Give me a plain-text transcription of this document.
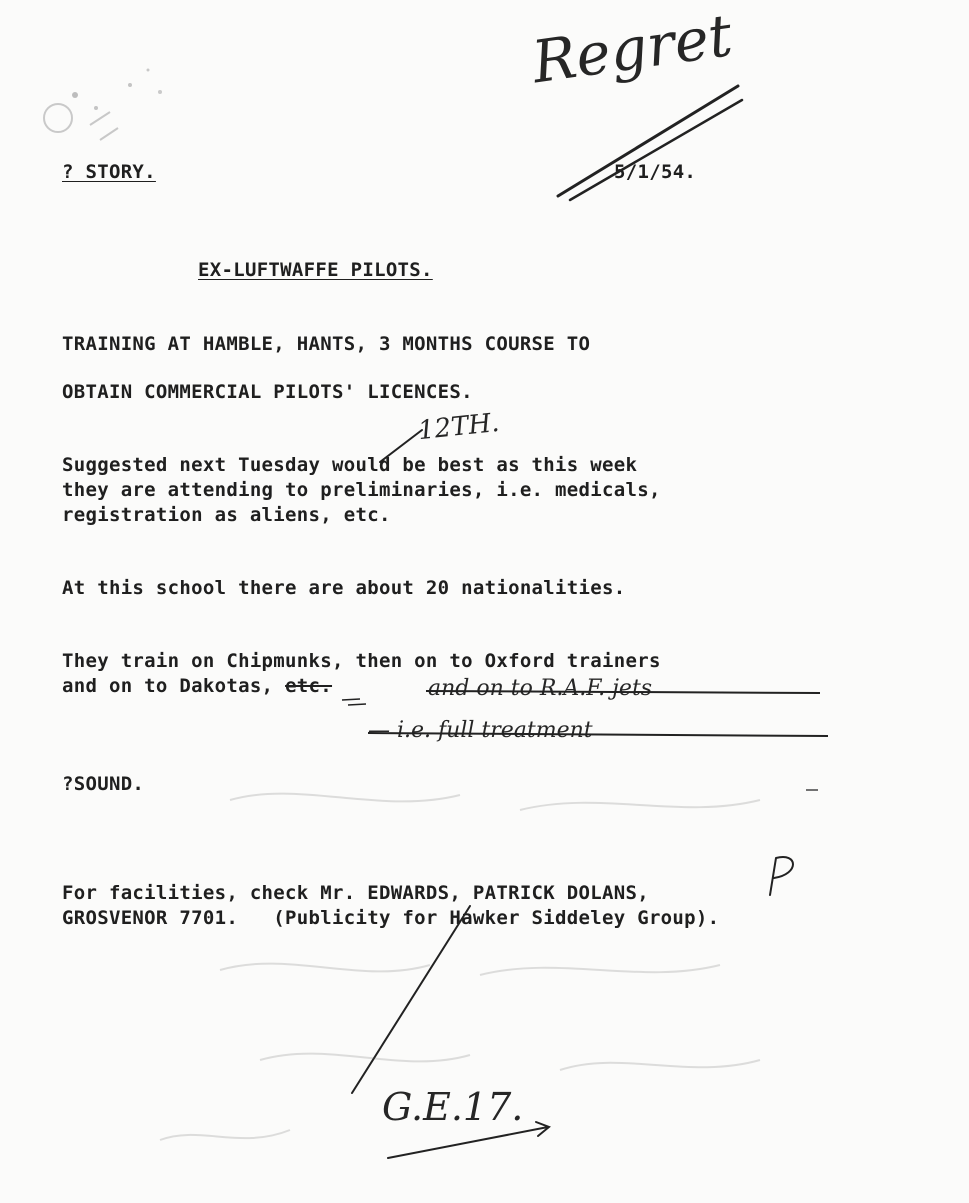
? STORY.	5/1/54.
EX-LUFTWAFFE PILOTS.
TRAINING AT HAMBLE, HANTS, 3 MONTHS COURSE TO
OBTAIN COMMERCIAL PILOTS' LICENCES.
Suggested next Tuesday would be best as this week
they are attending to preliminaries, i.e. medicals,
registration as aliens, etc.
At this school there are about 20 nationalities.
They train on Chipmunks, then on to Oxford trainers
and on to Dakotas, etc.
?SOUND.
For facilities, check Mr. EDWARDS, PATRICK DOLANS,
GROSVENOR 7701.   (Publicity for Hawker Siddeley Group).
Regret
12TH.
and on to R.A.F. jets
— i.e. full treatment
G.E.17.
